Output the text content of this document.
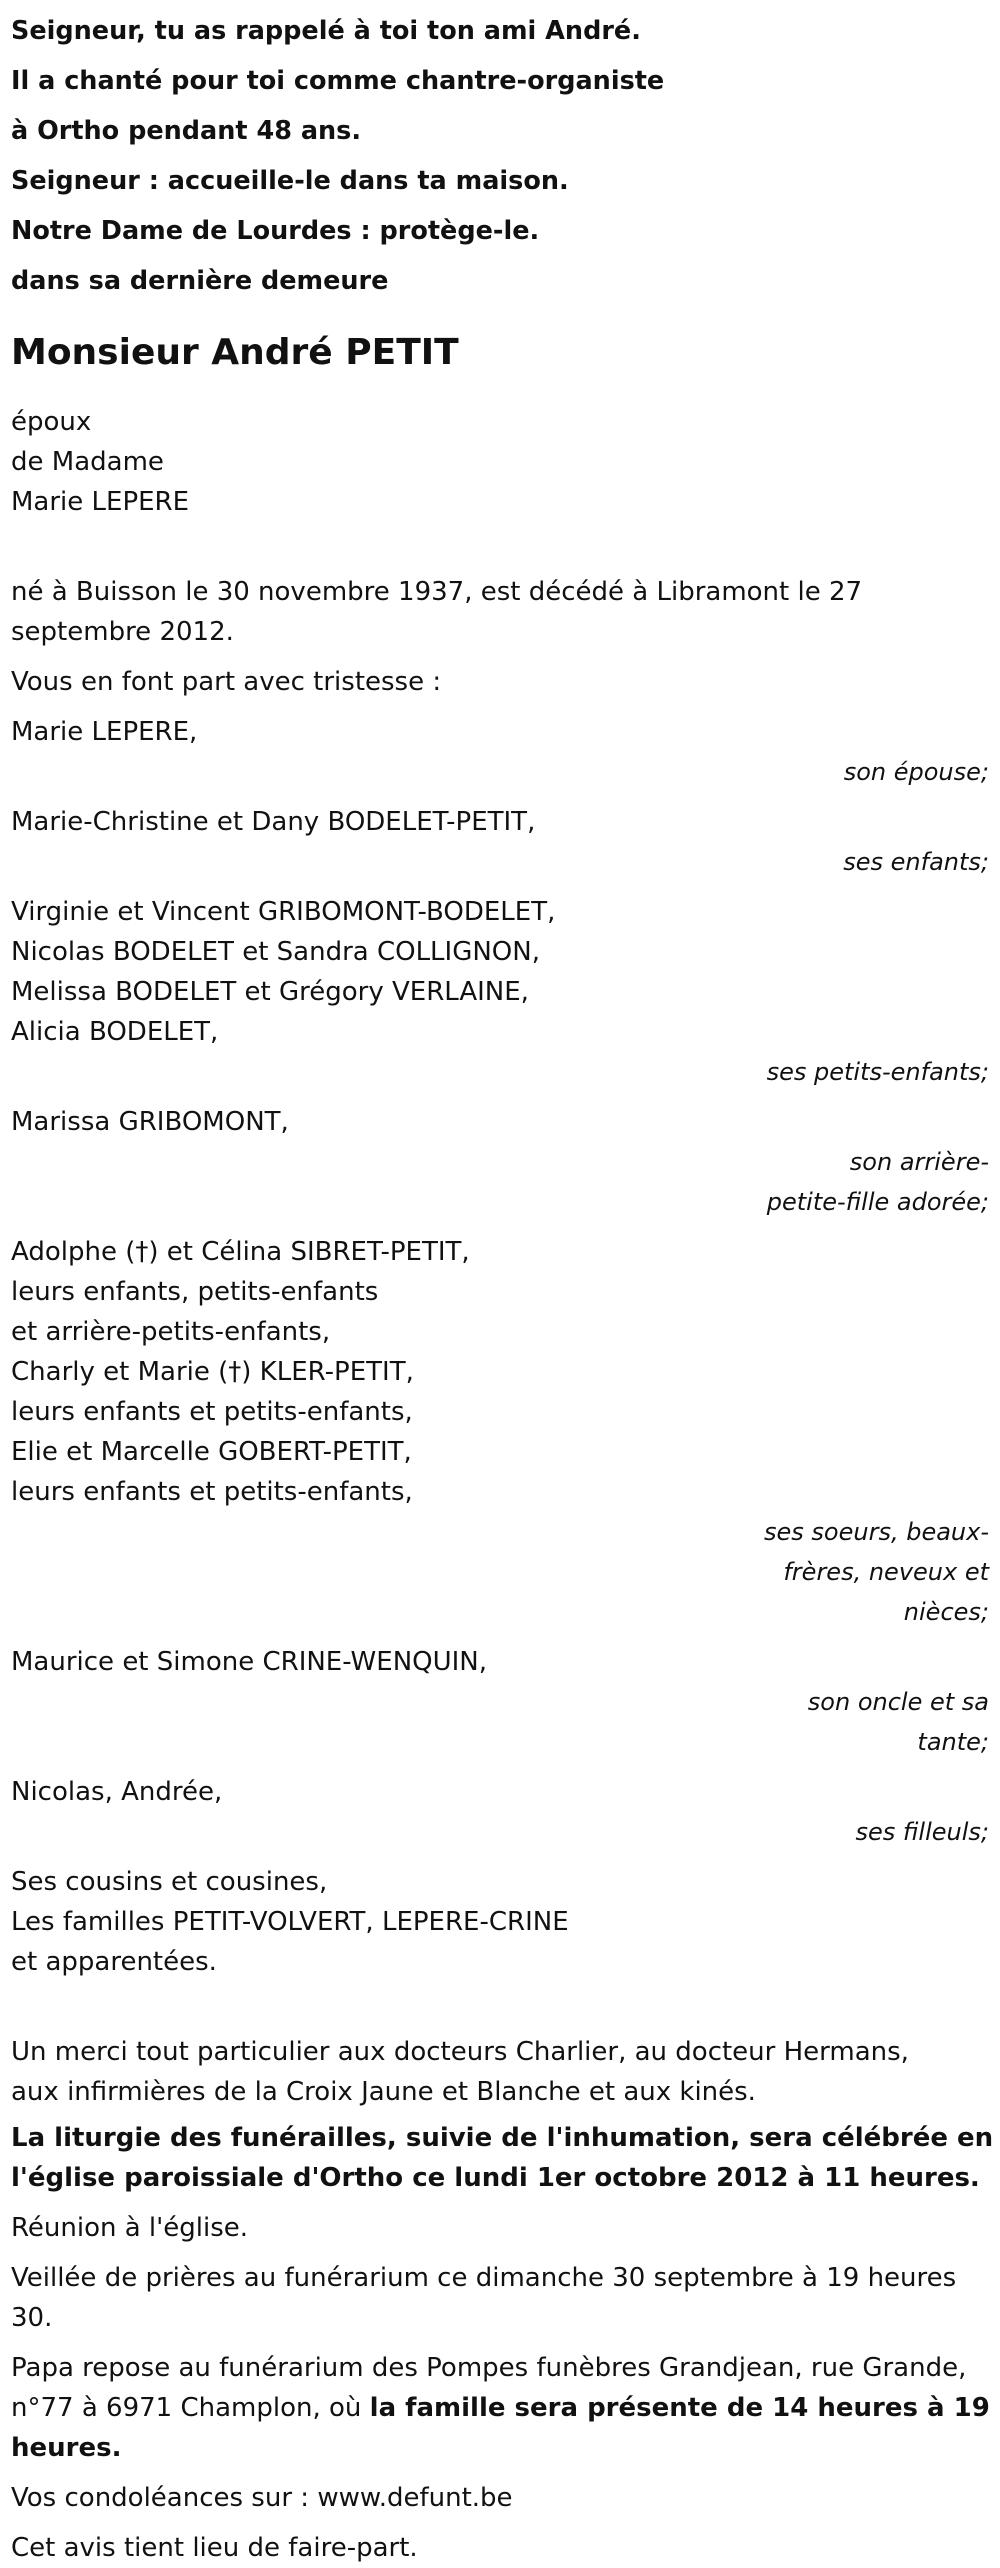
Seigneur, tu as rappelé à toi ton ami André.

Il a chanté pour toi comme chantre-organiste

à Ortho pendant 48 ans.

Seigneur : accueille-le dans ta maison.

Notre Dame de Lourdes : protège-le.

dans sa dernière demeure

Monsieur André PETIT

époux

de Madame

Marie LEPERE

né à Buisson le 30 novembre 1937, est décédé à Libramont le 27

septembre 2012.

Vous en font part avec tristesse :

Marie LEPERE,

son épouse;

Marie-Christine et Dany BODELET-PETIT,

ses enfants;

Virginie et Vincent GRIBOMONT-BODELET,

Nicolas BODELET et Sandra COLLIGNON,

Melissa BODELET et Grégory VERLAINE,

Alicia BODELET,

ses petits-enfants;

Marissa GRIBOMONT,

son arrière-
petite-fille adorée;

Adolphe (†) et Célina SIBRET-PETIT,

leurs enfants, petits-enfants

et arrière-petits-enfants,

Charly et Marie (†) KLER-PETIT,

leurs enfants et petits-enfants,

Elie et Marcelle GOBERT-PETIT,

leurs enfants et petits-enfants,

ses soeurs, beaux-
frères, neveux et
nièces;

Maurice et Simone CRINE-WENQUIN,

son oncle et sa
tante;

Nicolas, Andrée,

ses filleuls;

Ses cousins et cousines,

Les familles PETIT-VOLVERT, LEPERE-CRINE

et apparentées.

Un merci tout particulier aux docteurs Charlier, au docteur Hermans,

aux infirmières de la Croix Jaune et Blanche et aux kinés.

La liturgie des funérailles, suivie de l'inhumation, sera célébrée en

l'église paroissiale d'Ortho ce lundi 1er octobre 2012 à 11 heures.

Réunion à l'église.

Veillée de prières au funérarium ce dimanche 30 septembre à 19 heures

30.

Papa repose au funérarium des Pompes funèbres Grandjean, rue Grande,

n°77 à 6971 Champlon, où la famille sera présente de 14 heures à 19

heures.

Vos condoléances sur : www.defunt.be

Cet avis tient lieu de faire-part.
